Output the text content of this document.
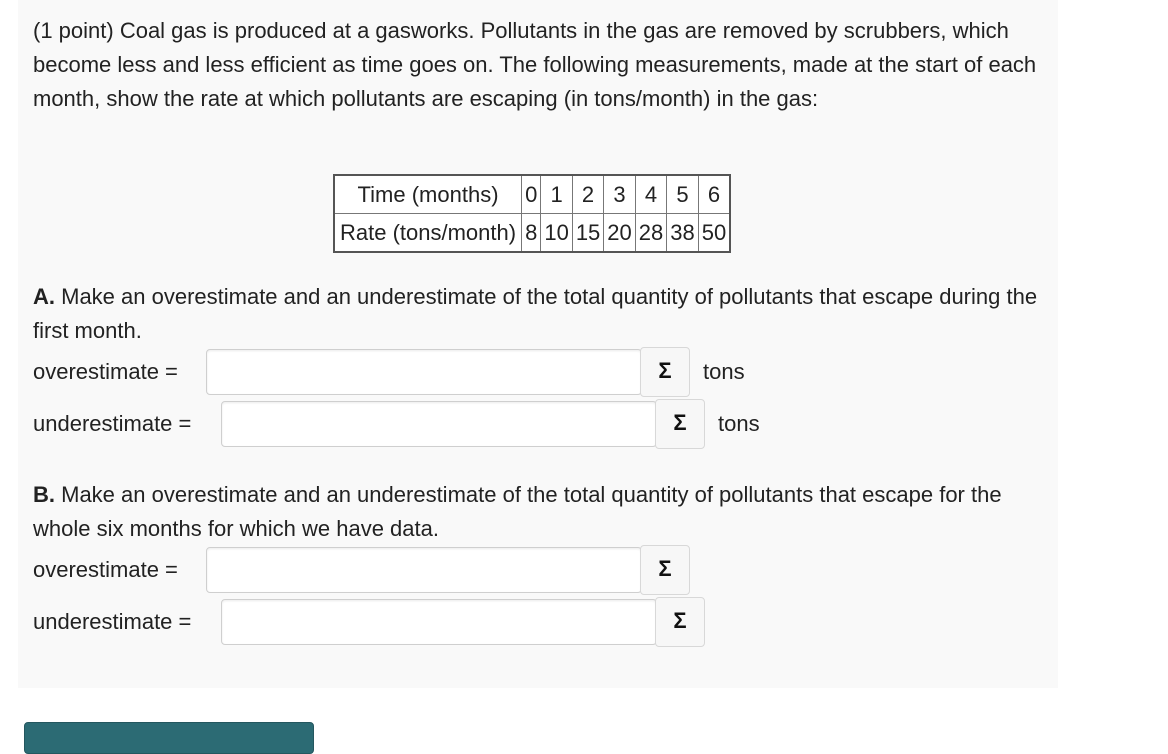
(1 point) Coal gas is produced at a gasworks. Pollutants in the gas are removed by scrubbers, which become less and less efficient as time goes on. The following measurements, made at the start of each month, show the rate at which pollutants are escaping (in tons/month) in the gas:
Time (months)	0	1	2	3	4	5	6
Rate (tons/month)	8	10	15	20	28	38	50
A. Make an overestimate and an underestimate of the total quantity of pollutants that escape during the first month.
overestimate =	Σ	tons
underestimate =	Σ	tons
B. Make an overestimate and an underestimate of the total quantity of pollutants that escape for the whole six months for which we have data.
overestimate =	Σ
underestimate =	Σ
